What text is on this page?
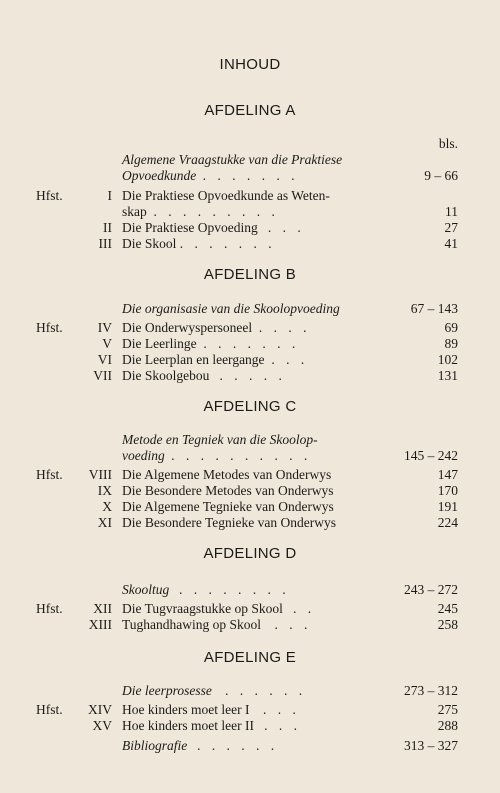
INHOUD
AFDELING A
bls.
Algemene Vraagstukke van die Praktiese
Opvoedkunde . . . . . . .	9 – 66
Hfst.	I Die Praktiese Opvoedkunde as Weten-
skap . . . . . . . . .	11
II Die Praktiese Opvoeding . . .	27
III Die Skool . . . . . . .	41
AFDELING B
Die organisasie van die Skoolopvoeding	67 – 143
Hfst.	IV Die Onderwyspersoneel . . . .	69
V Die Leerlinge . . . . . . .	89
VI Die Leerplan en leergange . . .	102
VII Die Skoolgebou . . . . .	131
AFDELING C
Metode en Tegniek van die Skoolop-
voeding . . . . . . . . . .	145 – 242
Hfst.	VIII Die Algemene Metodes van Onderwys	147
IX Die Besondere Metodes van Onderwys	170
X Die Algemene Tegnieke van Onderwys	191
XI Die Besondere Tegnieke van Onderwys	224
AFDELING D
Skooltug . . . . . . . .	243 – 272
Hfst.	XII Die Tugvraagstukke op Skool . .	245
XIII Tughandhawing op Skool . . .	258
AFDELING E
Die leerprosesse . . . . . .	273 – 312
Hfst.	XIV Hoe kinders moet leer I . . .	275
XV Hoe kinders moet leer II . . .	288
Bibliografie . . . . . .	313 – 327
